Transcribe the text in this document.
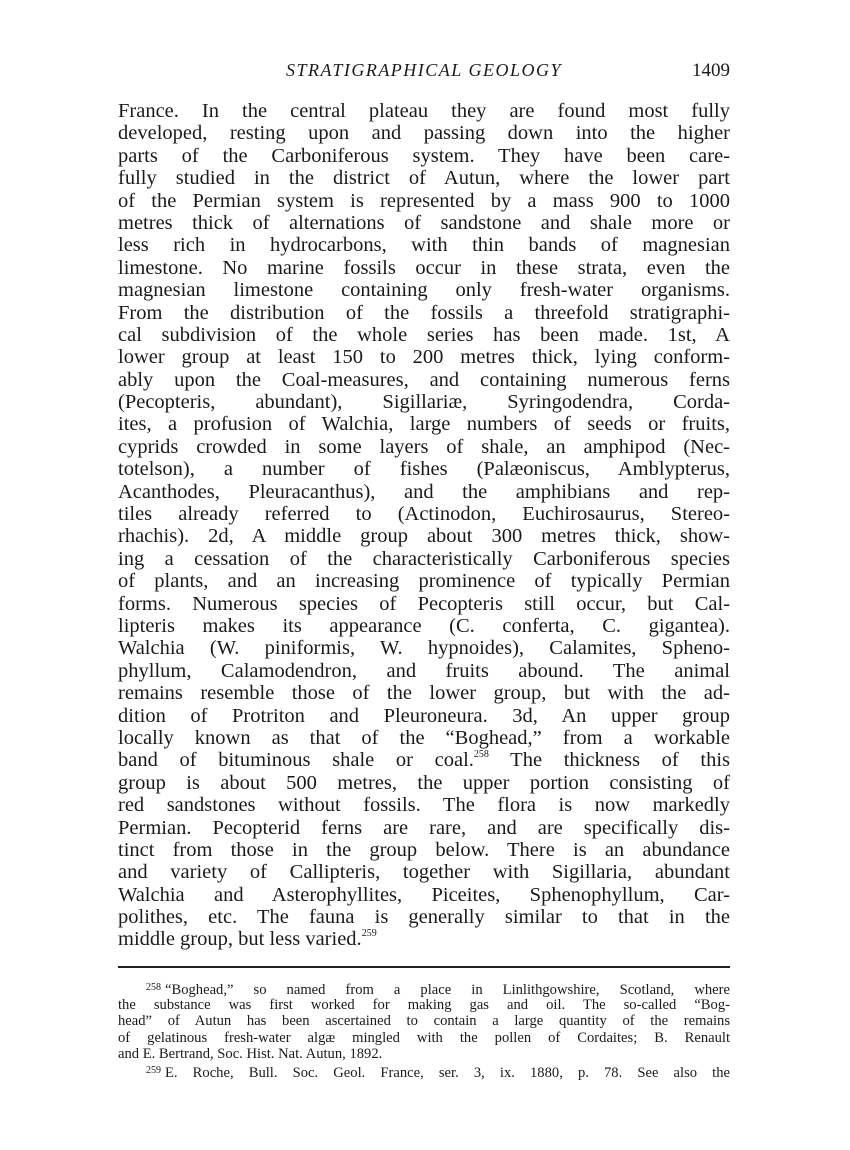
STRATIGRAPHICAL GEOLOGY	1409
France. In the central plateau they are found most fully
developed, resting upon and passing down into the higher
parts of the Carboniferous system. They have been care-
fully studied in the district of Autun, where the lower part
of the Permian system is represented by a mass 900 to 1000
metres thick of alternations of sandstone and shale more or
less rich in hydrocarbons, with thin bands of magnesian
limestone. No marine fossils occur in these strata, even the
magnesian limestone containing only fresh-water organisms.
From the distribution of the fossils a threefold stratigraphi-
cal subdivision of the whole series has been made. 1st, A
lower group at least 150 to 200 metres thick, lying conform-
ably upon the Coal-measures, and containing numerous ferns
(Pecopteris, abundant), Sigillariæ, Syringodendra, Corda-
ites, a profusion of Walchia, large numbers of seeds or fruits,
cyprids crowded in some layers of shale, an amphipod (Nec-
totelson), a number of fishes (Palæoniscus, Amblypterus,
Acanthodes, Pleuracanthus), and the amphibians and rep-
tiles already referred to (Actinodon, Euchirosaurus, Stereo-
rhachis). 2d, A middle group about 300 metres thick, show-
ing a cessation of the characteristically Carboniferous species
of plants, and an increasing prominence of typically Permian
forms. Numerous species of Pecopteris still occur, but Cal-
lipteris makes its appearance (C. conferta, C. gigantea).
Walchia (W. piniformis, W. hypnoides), Calamites, Spheno-
phyllum, Calamodendron, and fruits abound. The animal
remains resemble those of the lower group, but with the ad-
dition of Protriton and Pleuroneura. 3d, An upper group
locally known as that of the “Boghead,” from a workable
band of bituminous shale or coal.$^{258}$ The thickness of this
group is about 500 metres, the upper portion consisting of
red sandstones without fossils. The flora is now markedly
Permian. Pecopterid ferns are rare, and are specifically dis-
tinct from those in the group below. There is an abundance
and variety of Callipteris, together with Sigillaria, abundant
Walchia and Asterophyllites, Piceites, Sphenophyllum, Car-
polithes, etc. The fauna is generally similar to that in the
middle group, but less varied.$^{259}$
$^{258}$ “Boghead,” so named from a place in Linlithgowshire, Scotland, where
the substance was first worked for making gas and oil. The so-called “Bog-
head” of Autun has been ascertained to contain a large quantity of the remains
of gelatinous fresh-water algæ mingled with the pollen of Cordaites; B. Renault
and E. Bertrand, Soc. Hist. Nat. Autun, 1892.
$^{259}$ E. Roche, Bull. Soc. Geol. France, ser. 3, ix. 1880, p. 78. See also the
